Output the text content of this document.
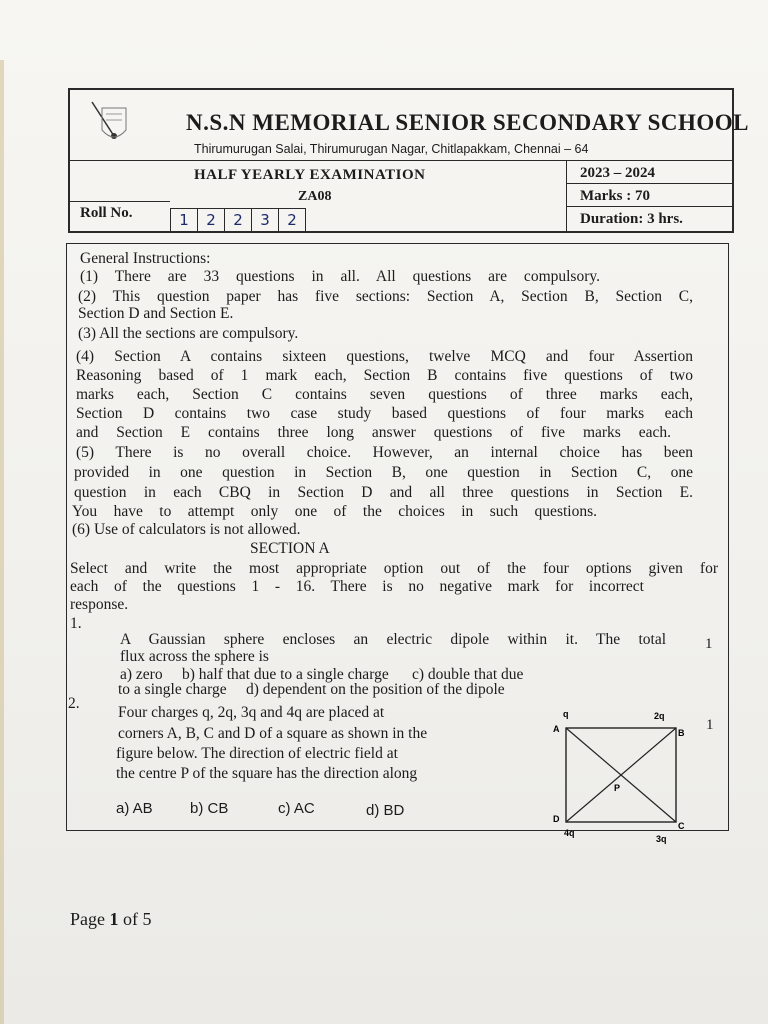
N.S.N MEMORIAL SENIOR SECONDARY SCHOOL
Thirumurugan Salai, Thirumurugan Nagar, Chitlapakkam, Chennai – 64
HALF YEARLY EXAMINATION
ZA08
2023 – 2024
Marks : 70
Duration: 3 hrs.
Roll No.	1	2	2	3	2
General Instructions:
(1) There are 33 questions in all. All questions are compulsory.
(2) This question paper has five sections: Section A, Section B, Section C,
Section D and Section E.
(3) All the sections are compulsory.
(4) Section A contains sixteen questions, twelve MCQ and four Assertion
Reasoning based of 1 mark each, Section B contains five questions of two
marks each, Section C contains seven questions of three marks each,
Section D contains two case study based questions of four marks each
and Section E contains three long answer questions of five marks each.
(5) There is no overall choice. However, an internal choice has been
provided in one question in Section B, one question in Section C, one
question in each CBQ in Section D and all three questions in Section E.
You have to attempt only one of the choices in such questions.
(6) Use of calculators is not allowed.
SECTION A
Select and write the most appropriate option out of the four options given for
each of the questions 1 - 16. There is no negative mark for incorrect
response.
1.
A Gaussian sphere encloses an electric dipole within it. The total
flux across the sphere is
a) zero     b) half that due to a single charge      c) double that due
to a single charge     d) dependent on the position of the dipole
1
2.
Four charges q, 2q, 3q and 4q are placed at
corners A, B, C and D of a square as shown in the
figure below. The direction of electric field at
the centre P of the square has the direction along
1
a) AB b) CB	c) AC	d) BD
A	B
C
D
P
q	2q
3q
4q
Page 1 of 5
